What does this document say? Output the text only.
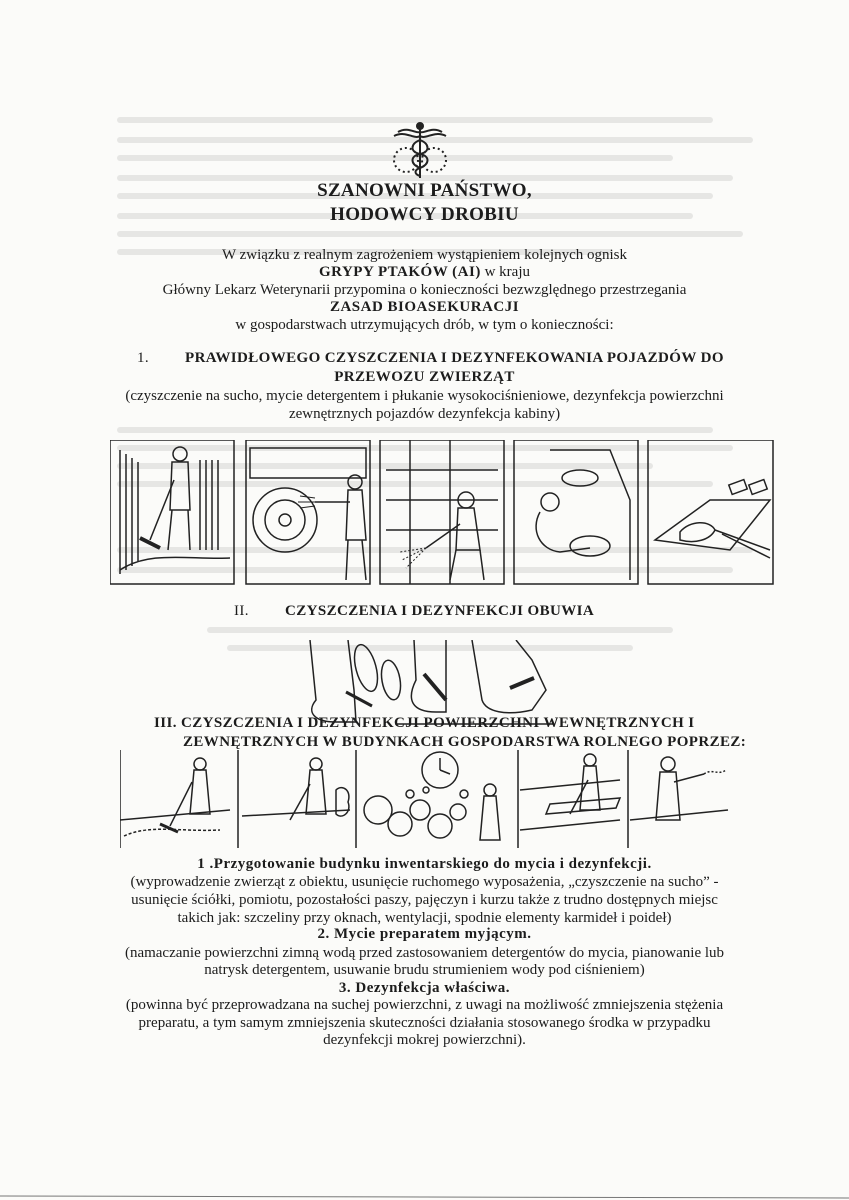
SZANOWNI PAŃSTWO,
HODOWCY DROBIU
W związku z realnym zagrożeniem wystąpieniem kolejnych ognisk
GRYPY PTAKÓW (AI) w kraju
Główny Lekarz Weterynarii przypomina o konieczności bezwzględnego przestrzegania
ZASAD BIOASEKURACJI
w gospodarstwach utrzymujących drób, w tym o konieczności:
1. PRAWIDŁOWEGO CZYSZCZENIA I DEZYNFEKOWANIA POJAZDÓW DO
PRZEWOZU ZWIERZĄT
(czyszczenie na sucho, mycie detergentem i płukanie wysokociśnieniowe, dezynfekcja powierzchni
zewnętrznych pojazdów dezynfekcja kabiny)
II. CZYSZCZENIA I DEZYNFEKCJI OBUWIA
III. CZYSZCZENIA I DEZYNFEKCJI POWIERZCHNI WEWNĘTRZNYCH I
ZEWNĘTRZNYCH W BUDYNKACH GOSPODARSTWA ROLNEGO POPRZEZ:
1 .Przygotowanie budynku inwentarskiego do mycia i dezynfekcji.
(wyprowadzenie zwierząt z obiektu, usunięcie ruchomego wyposażenia, „czyszczenie na sucho” -
usunięcie ściółki, pomiotu, pozostałości paszy, pajęczyn i kurzu także z trudno dostępnych miejsc
takich jak: szczeliny przy oknach, wentylacji, spodnie elementy karmideł i poideł)
2. Mycie preparatem myjącym.
(namaczanie powierzchni zimną wodą przed zastosowaniem detergentów do mycia, pianowanie lub
natrysk detergentem, usuwanie brudu strumieniem wody pod ciśnieniem)
3. Dezynfekcja właściwa.
(powinna być przeprowadzana na suchej powierzchni, z uwagi na możliwość zmniejszenia stężenia
preparatu, a tym samym zmniejszenia skuteczności działania stosowanego środka w przypadku
dezynfekcji mokrej powierzchni).
